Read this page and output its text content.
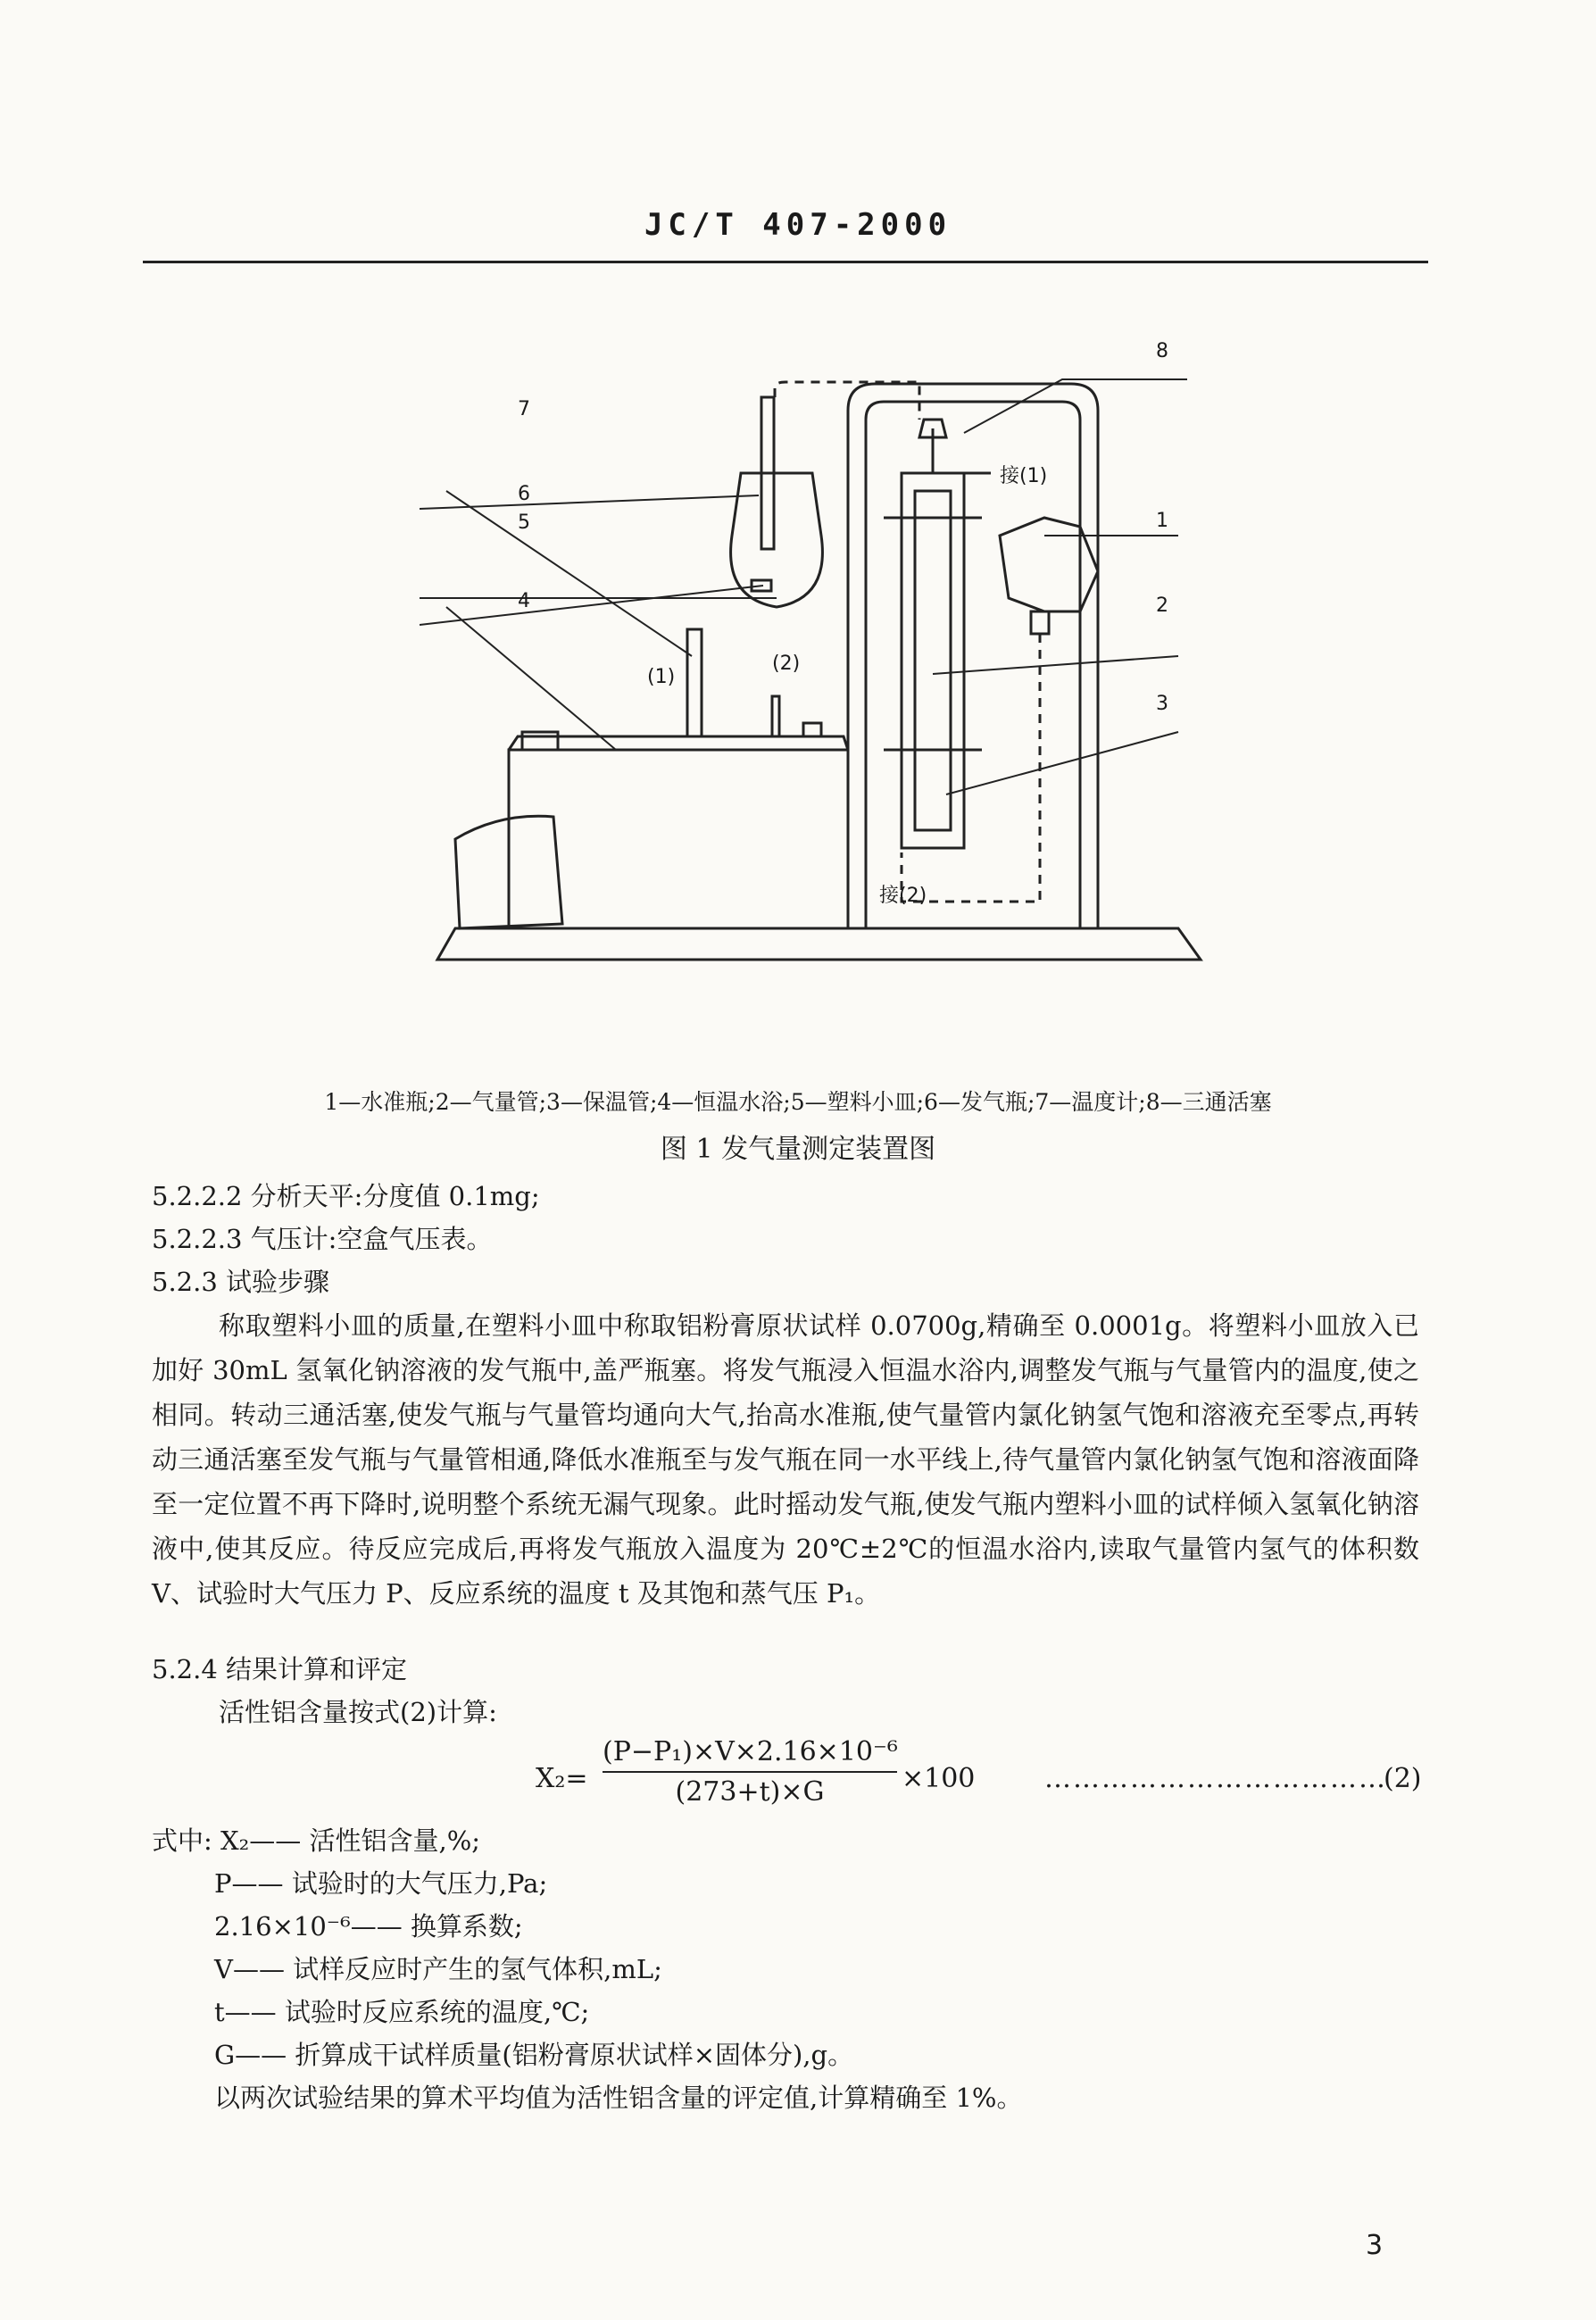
JC/T 407-2000
8
1
2
3
7
6
5
4
接(1)
接(2)
(1)
(2)
1—水准瓶;2—气量管;3—保温管;4—恒温水浴;5—塑料小皿;6—发气瓶;7—温度计;8—三通活塞
图 1 发气量测定装置图
5.2.2.2 分析天平:分度值 0.1mg;
5.2.2.3 气压计:空盒气压表。
5.2.3 试验步骤
称取塑料小皿的质量,在塑料小皿中称取铝粉膏原状试样 0.0700g,精确至 0.0001g。将塑料小皿放入已加好 30mL 氢氧化钠溶液的发气瓶中,盖严瓶塞。将发气瓶浸入恒温水浴内,调整发气瓶与气量管内的温度,使之相同。转动三通活塞,使发气瓶与气量管均通向大气,抬高水准瓶,使气量管内氯化钠氢气饱和溶液充至零点,再转动三通活塞至发气瓶与气量管相通,降低水准瓶至与发气瓶在同一水平线上,待气量管内氯化钠氢气饱和溶液面降至一定位置不再下降时,说明整个系统无漏气现象。此时摇动发气瓶,使发气瓶内塑料小皿的试样倾入氢氧化钠溶液中,使其反应。待反应完成后,再将发气瓶放入温度为 20℃±2℃的恒温水浴内,读取气量管内氢气的体积数 V、试验时大气压力 P、反应系统的温度 t 及其饱和蒸气压 P₁。
5.2.4 结果计算和评定
活性铝含量按式(2)计算:
$X_2= \frac{\text{(P−P₁)×V×2.16×10⁻⁶}}{(273+t)\times G} \times 100$	………………………………
(2)
式中: X₂—— 活性铝含量,%;
P—— 试验时的大气压力,Pa;
2.16×10⁻⁶—— 换算系数;
V—— 试样反应时产生的氢气体积,mL;
t—— 试验时反应系统的温度,℃;
G—— 折算成干试样质量(铝粉膏原状试样×固体分),g。
以两次试验结果的算术平均值为活性铝含量的评定值,计算精确至 1%。
3
